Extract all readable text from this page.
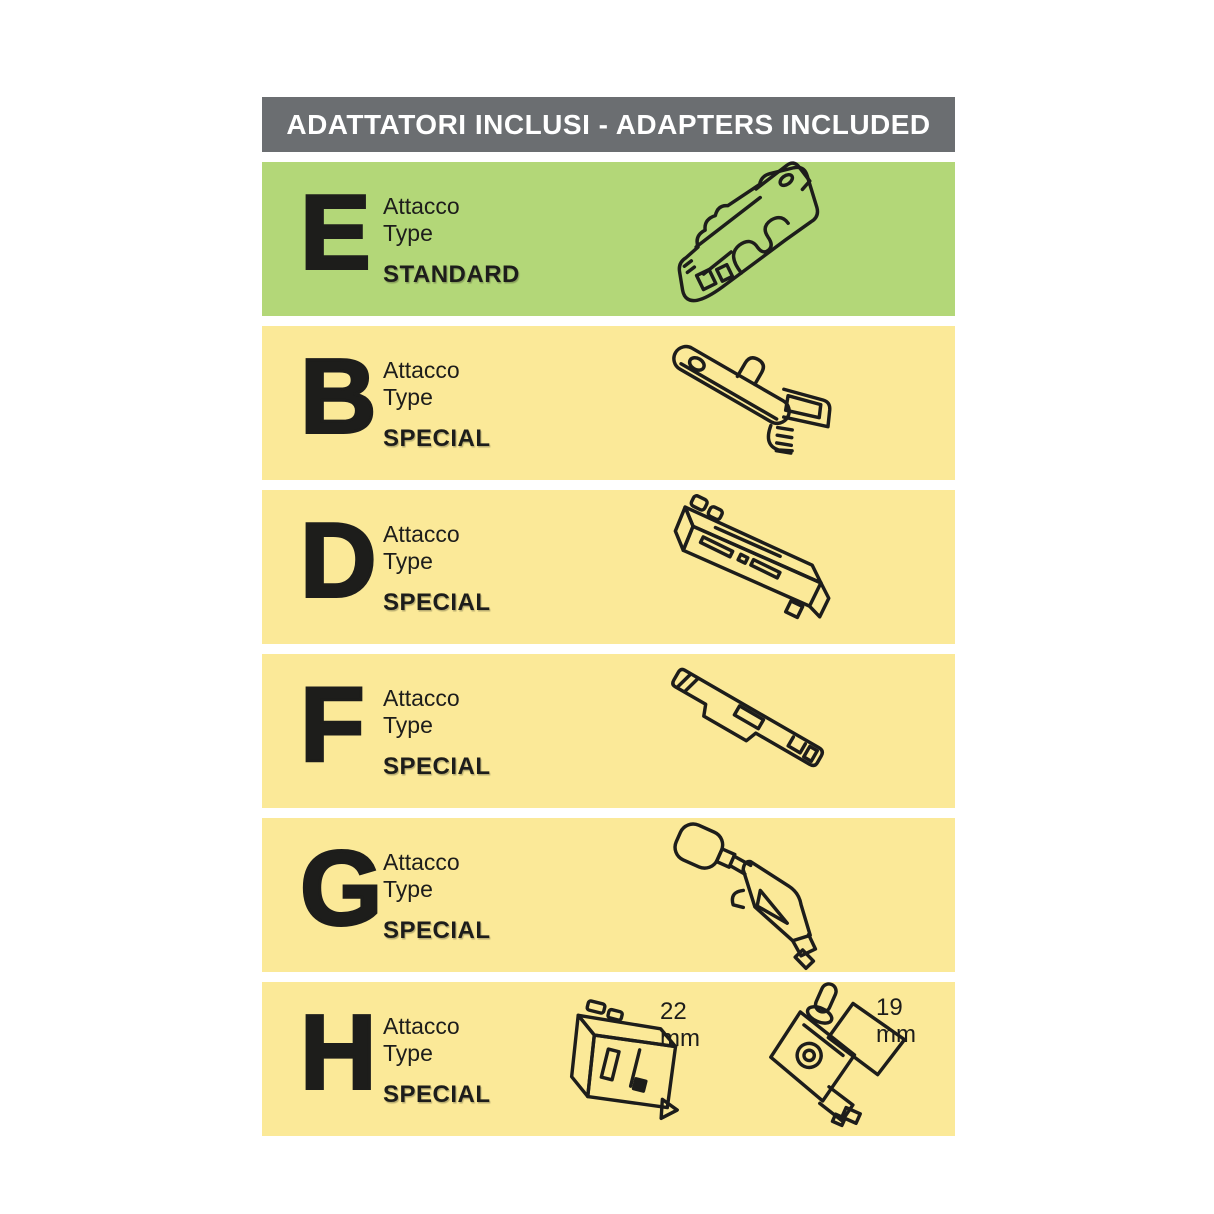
ADATTATORI INCLUSI - ADAPTERS INCLUDED
E Attacco
Type
STANDARD
B Attacco
Type
SPECIAL
D Attacco
Type
SPECIAL
F Attacco
Type
SPECIAL
G Attacco
Type
SPECIAL
H Attacco
Type
SPECIAL
22
mm
19
mm
